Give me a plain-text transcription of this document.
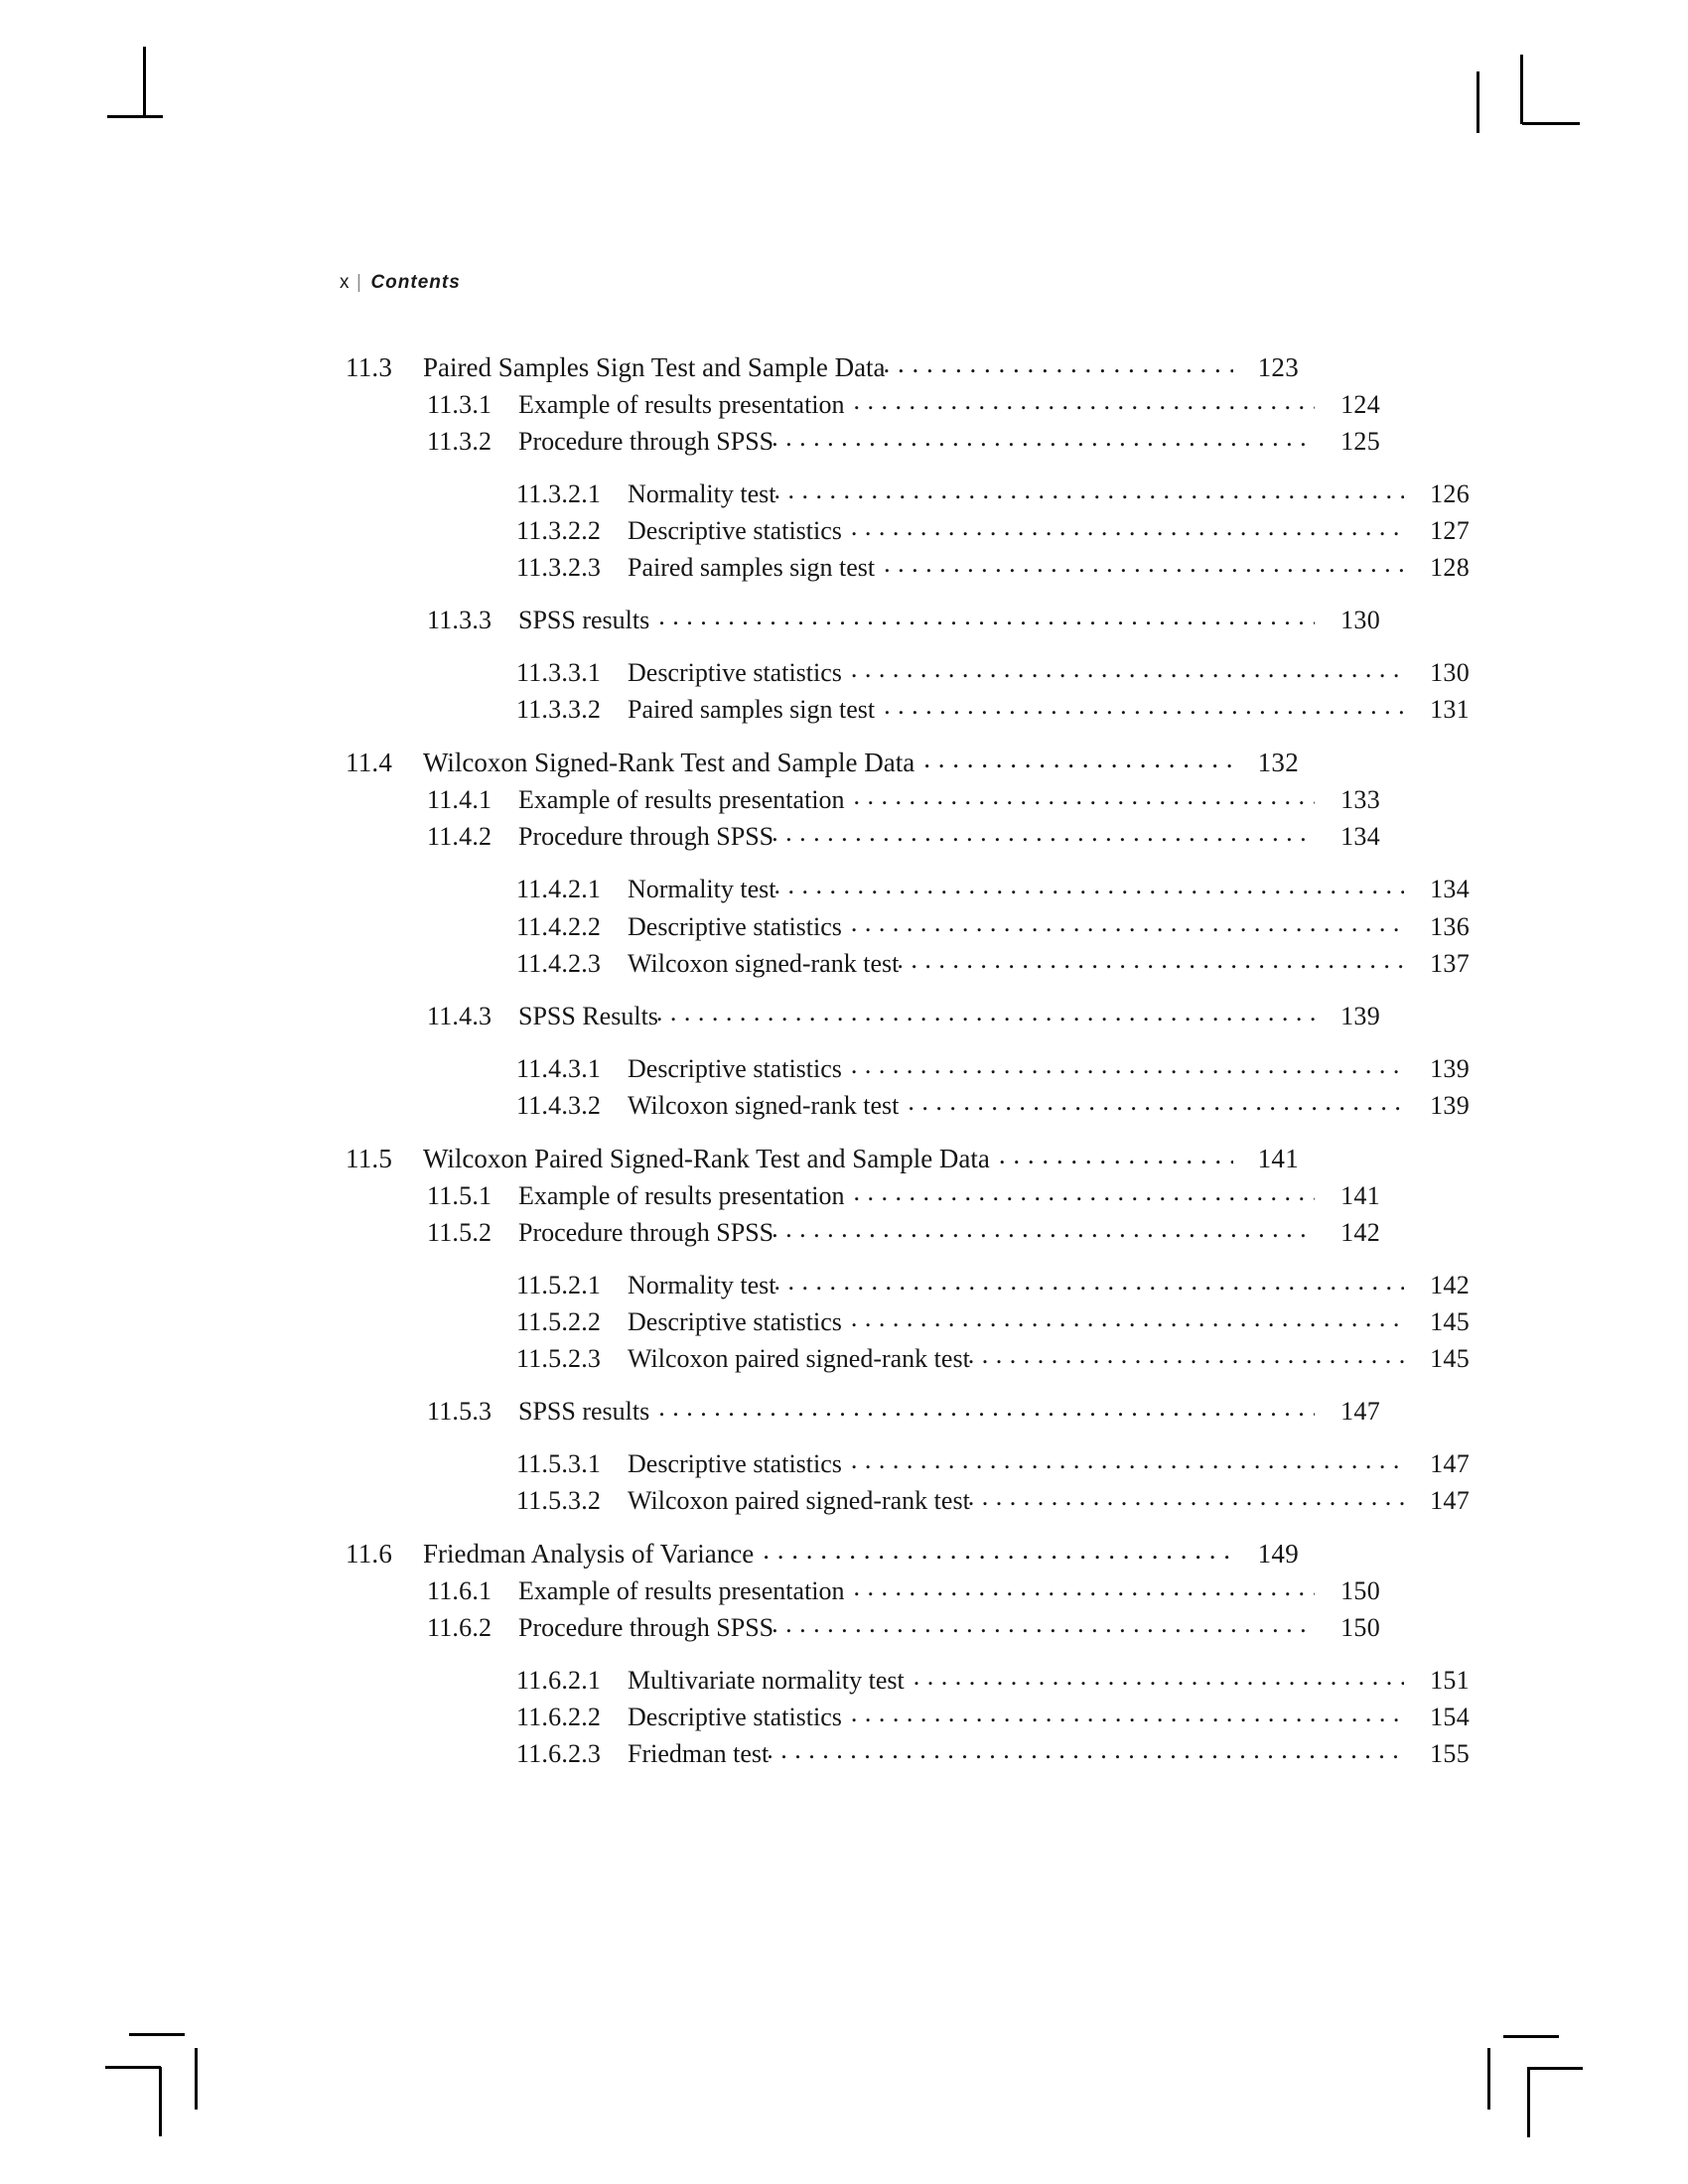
x | Contents
11.3	Paired Samples Sign Test and Sample Data . . .	123
11.3.1	Example of results presentation . . .	124
11.3.2	Procedure through SPSS . . .	125
11.3.2.1	Normality test . . .	126
11.3.2.2	Descriptive statistics . . .	127
11.3.2.3	Paired samples sign test . . .	128
11.3.3	SPSS results . . .	130
11.3.3.1	Descriptive statistics . . .	130
11.3.3.2	Paired samples sign test . . .	131
11.4	Wilcoxon Signed-Rank Test and Sample Data . . .	132
11.4.1	Example of results presentation . . .	133
11.4.2	Procedure through SPSS . . .	134
11.4.2.1	Normality test . . .	134
11.4.2.2	Descriptive statistics . . .	136
11.4.2.3	Wilcoxon signed-rank test . . .	137
11.4.3	SPSS Results . . .	139
11.4.3.1	Descriptive statistics . . .	139
11.4.3.2	Wilcoxon signed-rank test . . .	139
11.5	Wilcoxon Paired Signed-Rank Test and Sample Data . . .	141
11.5.1	Example of results presentation . . .	141
11.5.2	Procedure through SPSS . . .	142
11.5.2.1	Normality test . . .	142
11.5.2.2	Descriptive statistics . . .	145
11.5.2.3	Wilcoxon paired signed-rank test . . .	145
11.5.3	SPSS results . . .	147
11.5.3.1	Descriptive statistics . . .	147
11.5.3.2	Wilcoxon paired signed-rank test . . .	147
11.6	Friedman Analysis of Variance . . .	149
11.6.1	Example of results presentation . . .	150
11.6.2	Procedure through SPSS . . .	150
11.6.2.1	Multivariate normality test . . .	151
11.6.2.2	Descriptive statistics . . .	154
11.6.2.3	Friedman test . . .	155
